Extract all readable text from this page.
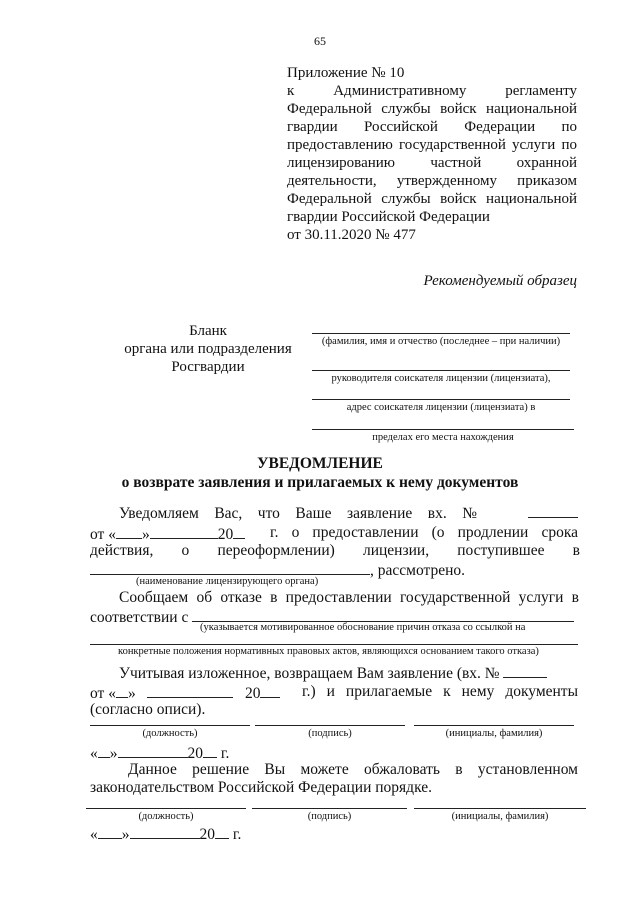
65
Приложение № 10
к Административному регламенту
Федеральной службы войск национальной
гвардии Российской Федерации по
предоставлению государственной услуги по
лицензированию частной охранной
деятельности, утвержденному приказом
Федеральной службы войск национальной
гвардии Российской Федерации
от 30.11.2020 № 477
Рекомендуемый образец
Бланк
органа или подразделения
Росгвардии
(фамилия, имя и отчество (последнее – при наличии)
руководителя соискателя лицензии (лицензиата),
адрес соискателя лицензии (лицензиата) в
пределах его места нахождения
УВЕДОМЛЕНИЕ
о возврате заявления и прилагаемых к нему документов
Уведомляем Вас, что Ваше заявление вх. №
от « »	20	г. о предоставлении (о продлении срока
действия, о переоформлении) лицензии, поступившее в
, рассмотрено.
(наименование лицензирующего органа)
Сообщаем об отказе в предоставлении государственной услуги в
соответствии с
(указывается мотивированное обоснование причин отказа со ссылкой на
конкретные положения нормативных правовых актов, являющихся основанием такого отказа)
Учитывая изложенное, возвращаем Вам заявление (вх. №
от « »	20	г.) и прилагаемые к нему документы
(согласно описи).
(должность)	(подпись)	(инициалы, фамилия)
« »	20 г.
Данное решение Вы можете обжаловать в установленном
законодательством Российской Федерации порядке.
(должность)	(подпись)	(инициалы, фамилия)
« »	20 г.
